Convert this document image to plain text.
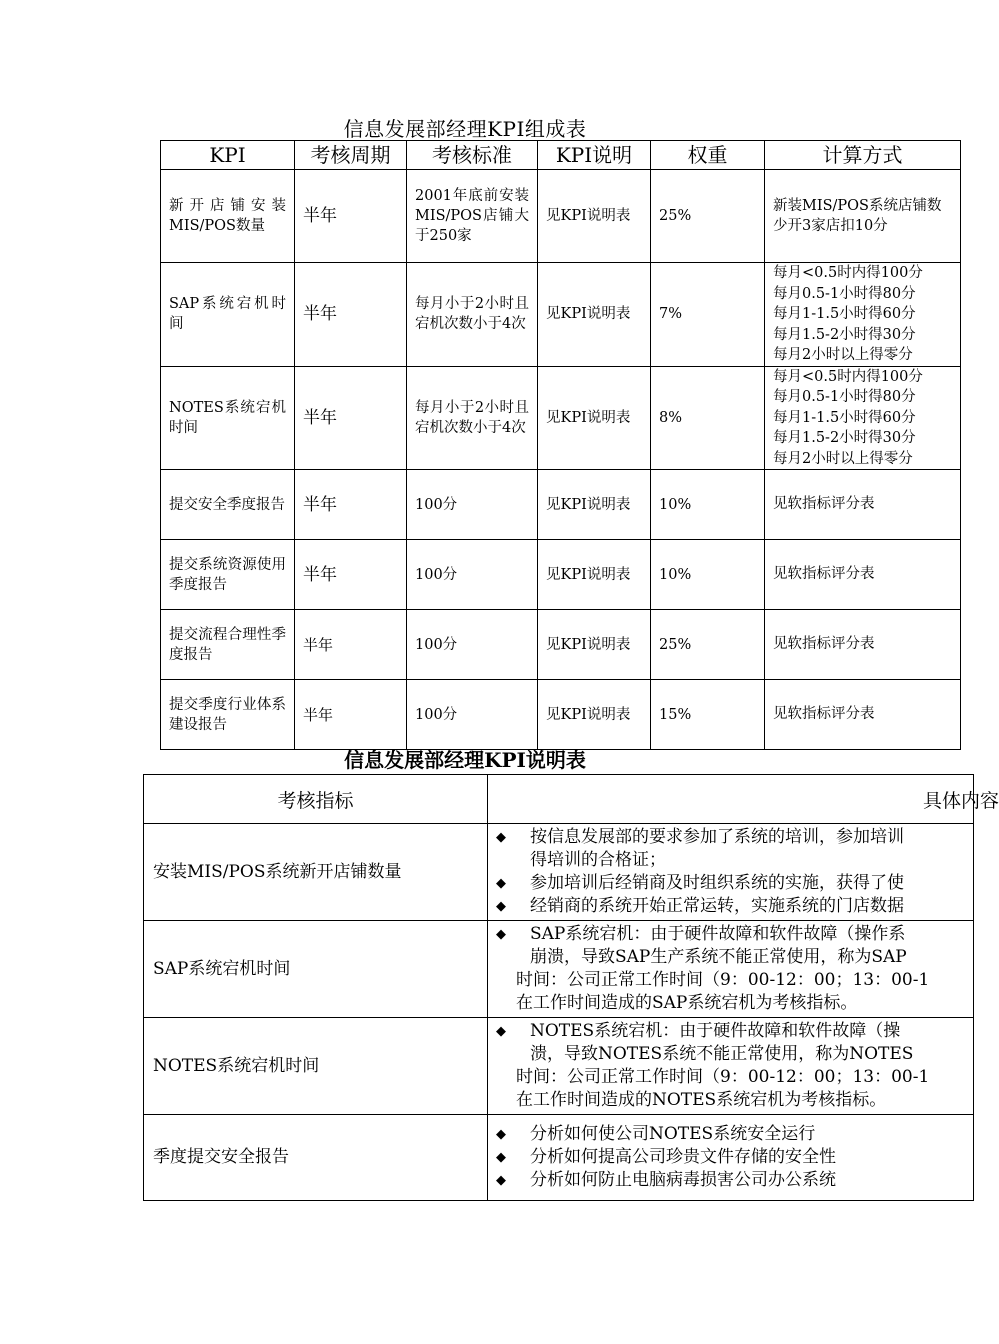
信息发展部经理KPI组成表
KPI	考核周期	考核标准	KPI说明	权重	计算方式
新开店铺安装MIS/POS数量	半年	2001年底前安装MIS/POS店铺大于250家	见KPI说明表	25%	新装MIS/POS系统店铺数
少开3家店扣10分

SAP系统宕机时间	半年	每月小于2小时且宕机次数小于4次	见KPI说明表	7%	每月<0.5时内得100分
每月0.5-1小时得80分
每月1-1.5小时得60分
每月1.5-2小时得30分
每月2小时以上得零分

NOTES系统宕机时间	半年	每月小于2小时且宕机次数小于4次	见KPI说明表	8%	每月<0.5时内得100分
每月0.5-1小时得80分
每月1-1.5小时得60分
每月1.5-2小时得30分
每月2小时以上得零分

提交安全季度报告	半年	100分	见KPI说明表	10%	见软指标评分表

提交系统资源使用季度报告	半年	100分	见KPI说明表	10%	见软指标评分表

提交流程合理性季度报告	半年	100分	见KPI说明表	25%	见软指标评分表

提交季度行业体系建设报告	半年	100分	见KPI说明表	15%	见软指标评分表
信息发展部经理KPI说明表
考核指标	具体内容
安装MIS/POS系统新开店铺数量	◆ 按信息发展部的要求参加了系统的培训，参加培训
得培训的合格证；
◆ 参加培训后经销商及时组织系统的实施，获得了使
◆ 经销商的系统开始正常运转，实施系统的门店数据

SAP系统宕机时间	◆ SAP系统宕机：由于硬件故障和软件故障（操作系
崩溃，导致SAP生产系统不能正常使用，称为SAP
时间：公司正常工作时间（9：00-12：00；13：00-1
在工作时间造成的SAP系统宕机为考核指标。

NOTES系统宕机时间	◆ NOTES系统宕机：由于硬件故障和软件故障（操
溃，导致NOTES系统不能正常使用，称为NOTES
时间：公司正常工作时间（9：00-12：00；13：00-1
在工作时间造成的NOTES系统宕机为考核指标。

季度提交安全报告	◆ 分析如何使公司NOTES系统安全运行
◆ 分析如何提高公司珍贵文件存储的安全性
◆ 分析如何防止电脑病毒损害公司办公系统
